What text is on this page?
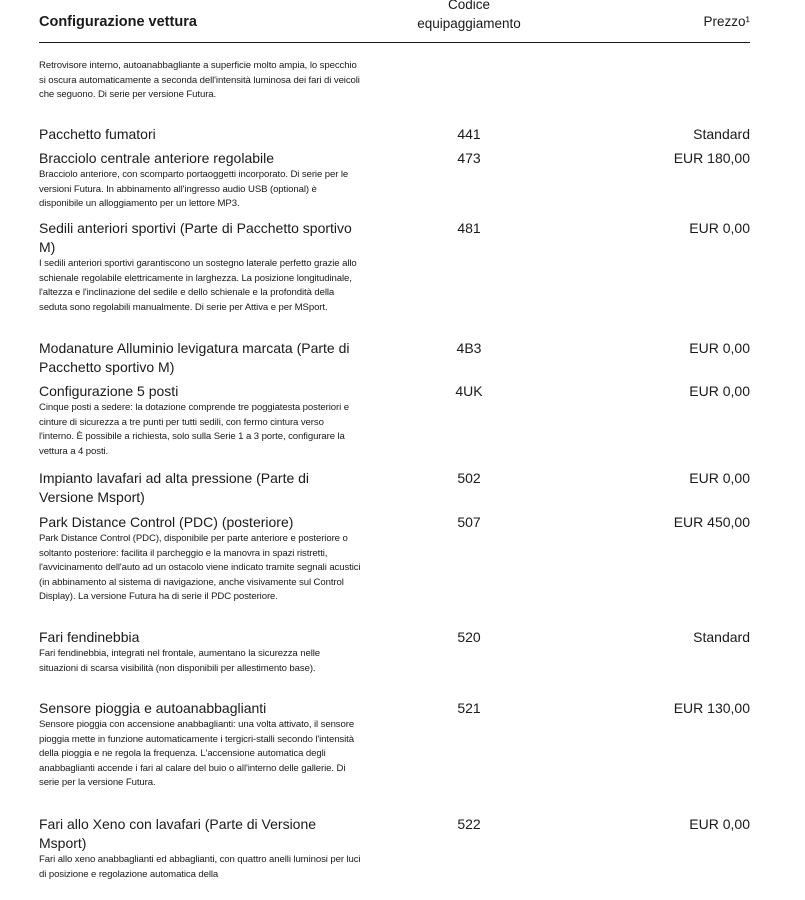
Configurazione vettura
Codice
equipaggiamento	Prezzo¹
Retrovisore interno, autoanabbagliante a superficie molto ampia, lo specchio si oscura automaticamente a seconda dell'intensità luminosa dei fari di veicoli che seguono. Di serie per versione Futura.
Pacchetto fumatori	441	Standard
Bracciolo centrale anteriore regolabile
Bracciolo anteriore, con scomparto portaoggetti incorporato. Di serie per le versioni Futura. In abbinamento all'ingresso audio USB (optional) è disponibile un alloggiamento per un lettore MP3.
473	EUR 180,00
Sedili anteriori sportivi (Parte di Pacchetto sportivo M)
I sedili anteriori sportivi garantiscono un sostegno laterale perfetto grazie allo schienale regolabile elettricamente in larghezza. La posizione longitudinale, l'altezza e l'inclinazione del sedile e dello schienale e la profondità della seduta sono regolabili manualmente. Di serie per Attiva e per MSport.
481	EUR 0,00
Modanature Alluminio levigatura marcata (Parte di Pacchetto sportivo M)
4B3	EUR 0,00
Configurazione 5 posti
Cinque posti a sedere: la dotazione comprende tre poggiatesta posteriori e cinture di sicurezza a tre punti per tutti sedili, con fermo cintura verso l'interno. È possibile a richiesta, solo sulla Serie 1 a 3 porte, configurare la vettura a 4 posti.
4UK	EUR 0,00
Impianto lavafari ad alta pressione (Parte di Versione Msport)
502	EUR 0,00
Park Distance Control (PDC) (posteriore)
Park Distance Control (PDC), disponibile per parte anteriore e posteriore o soltanto posteriore: facilita il parcheggio e la manovra in spazi ristretti, l'avvicinamento dell'auto ad un ostacolo viene indicato tramite segnali acustici (in abbinamento al sistema di navigazione, anche visivamente sul Control Display). La versione Futura ha di serie il PDC posteriore.
507	EUR 450,00
Fari fendinebbia
Fari fendinebbia, integrati nel frontale, aumentano la sicurezza nelle situazioni di scarsa visibilità (non disponibili per allestimento base).
520	Standard
Sensore pioggia e autoanabbaglianti
Sensore pioggia con accensione anabbaglianti: una volta attivato, il sensore pioggia mette in funzione automaticamente i tergicri-stalli secondo l'intensità della pioggia e ne regola la frequenza. L'accensione automatica degli anabbaglianti accende i fari al calare del buio o all'interno delle gallerie. Di serie per la versione Futura.
521	EUR 130,00
Fari allo Xeno con lavafari (Parte di Versione Msport)
Fari allo xeno anabbaglianti ed abbaglianti, con quattro anelli luminosi per luci di posizione e regolazione automatica della
522	EUR 0,00
